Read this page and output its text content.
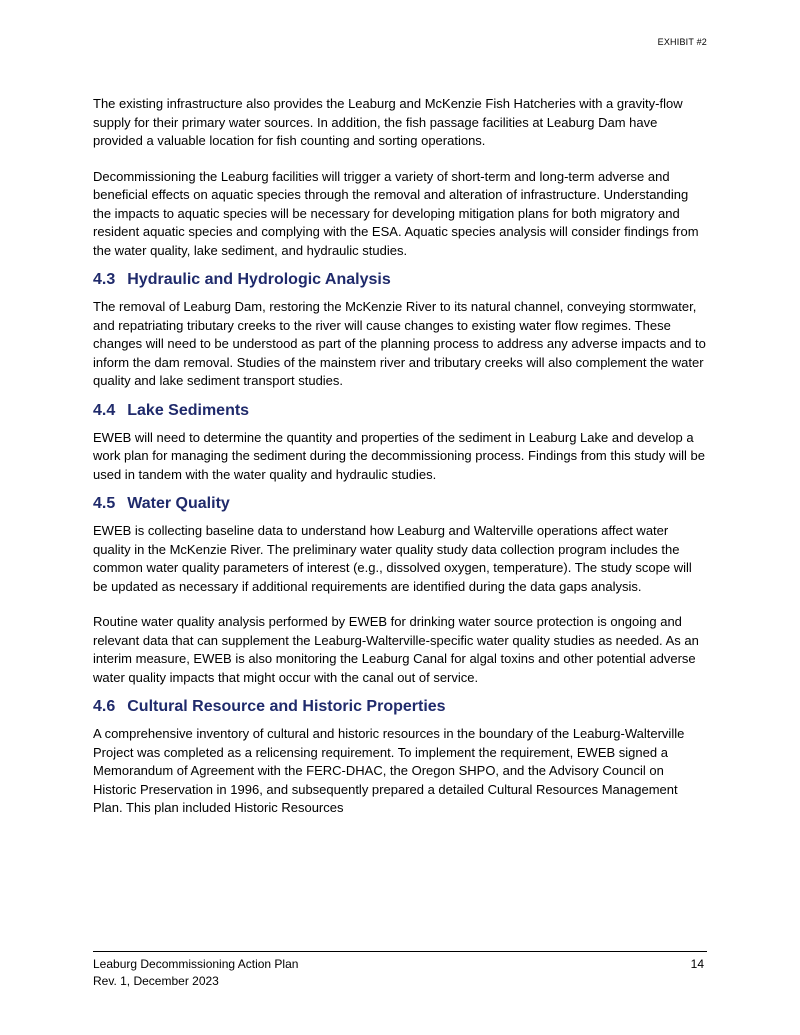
EXHIBIT #2

The existing infrastructure also provides the Leaburg and McKenzie Fish Hatcheries with a gravity-flow supply for their primary water sources. In addition, the fish passage facilities at Leaburg Dam have provided a valuable location for fish counting and sorting operations.

Decommissioning the Leaburg facilities will trigger a variety of short-term and long-term adverse and beneficial effects on aquatic species through the removal and alteration of infrastructure. Understanding the impacts to aquatic species will be necessary for developing mitigation plans for both migratory and resident aquatic species and complying with the ESA. Aquatic species analysis will consider findings from the water quality, lake sediment, and hydraulic studies.

4.3 Hydraulic and Hydrologic Analysis

The removal of Leaburg Dam, restoring the McKenzie River to its natural channel, conveying stormwater, and repatriating tributary creeks to the river will cause changes to existing water flow regimes. These changes will need to be understood as part of the planning process to address any adverse impacts and to inform the dam removal. Studies of the mainstem river and tributary creeks will also complement the water quality and lake sediment transport studies.

4.4 Lake Sediments

EWEB will need to determine the quantity and properties of the sediment in Leaburg Lake and develop a work plan for managing the sediment during the decommissioning process. Findings from this study will be used in tandem with the water quality and hydraulic studies.

4.5 Water Quality

EWEB is collecting baseline data to understand how Leaburg and Walterville operations affect water quality in the McKenzie River. The preliminary water quality study data collection program includes the common water quality parameters of interest (e.g., dissolved oxygen, temperature). The study scope will be updated as necessary if additional requirements are identified during the data gaps analysis.

Routine water quality analysis performed by EWEB for drinking water source protection is ongoing and relevant data that can supplement the Leaburg-Walterville-specific water quality studies as needed. As an interim measure, EWEB is also monitoring the Leaburg Canal for algal toxins and other potential adverse water quality impacts that might occur with the canal out of service.

4.6 Cultural Resource and Historic Properties

A comprehensive inventory of cultural and historic resources in the boundary of the Leaburg-Walterville Project was completed as a relicensing requirement. To implement the requirement, EWEB signed a Memorandum of Agreement with the FERC-DHAC, the Oregon SHPO, and the Advisory Council on Historic Preservation in 1996, and subsequently prepared a detailed Cultural Resources Management Plan. This plan included Historic Resources

Leaburg Decommissioning Action Plan	14
Rev. 1, December 2023
